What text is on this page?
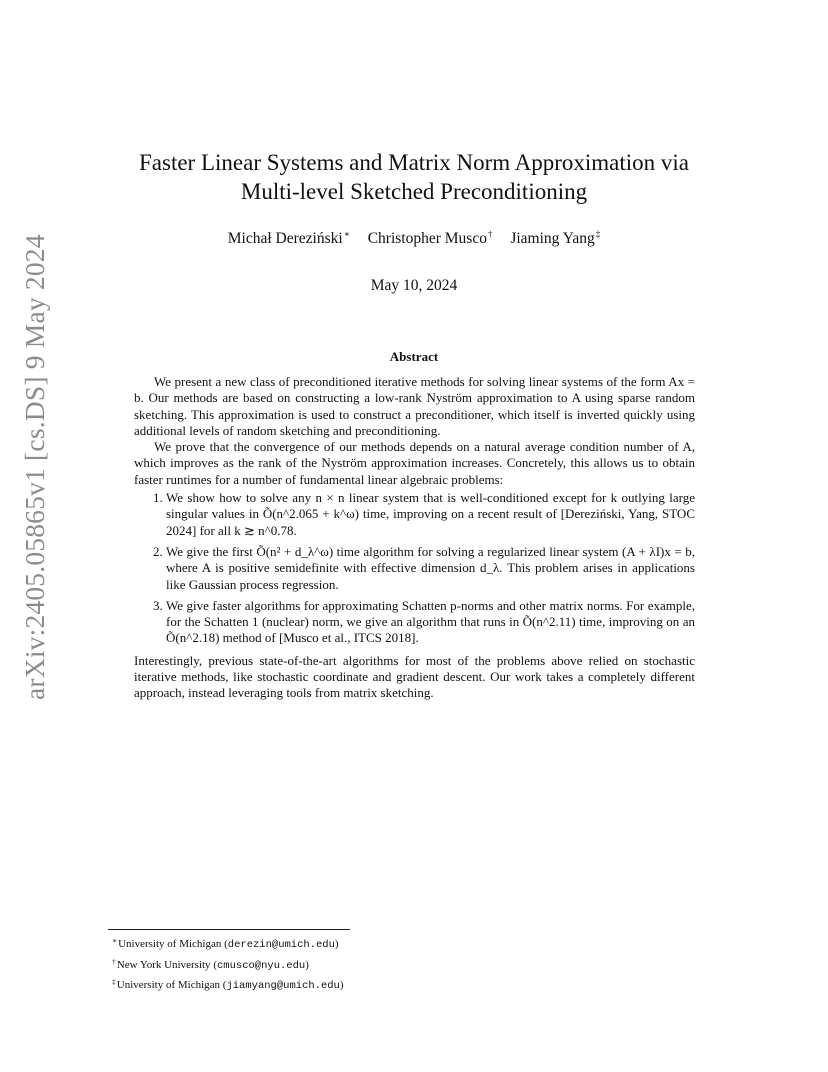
arXiv:2405.05865v1 [cs.DS] 9 May 2024
Faster Linear Systems and Matrix Norm Approximation via
Multi-level Sketched Preconditioning
Michał Dereziński∗ Christopher Musco† Jiaming Yang‡
May 10, 2024
Abstract

We present a new class of preconditioned iterative methods for solving linear systems of the form Ax = b. Our methods are based on constructing a low-rank Nyström approximation to A using sparse random sketching. This approximation is used to construct a preconditioner, which itself is inverted quickly using additional levels of random sketching and preconditioning.

We prove that the convergence of our methods depends on a natural average condition number of A, which improves as the rank of the Nyström approximation increases. Concretely, this allows us to obtain faster runtimes for a number of fundamental linear algebraic problems:

1. We show how to solve any n × n linear system that is well-conditioned except for k outlying large singular values in Õ(n^2.065 + k^ω) time, improving on a recent result of [Dereziński, Yang, STOC 2024] for all k ≳ n^0.78.
2. We give the first Õ(n² + d_λ^ω) time algorithm for solving a regularized linear system (A + λI)x = b, where A is positive semidefinite with effective dimension d_λ. This problem arises in applications like Gaussian process regression.
3. We give faster algorithms for approximating Schatten p-norms and other matrix norms. For example, for the Schatten 1 (nuclear) norm, we give an algorithm that runs in Õ(n^2.11) time, improving on an Õ(n^2.18) method of [Musco et al., ITCS 2018].

Interestingly, previous state-of-the-art algorithms for most of the problems above relied on stochastic iterative methods, like stochastic coordinate and gradient descent. Our work takes a completely different approach, instead leveraging tools from matrix sketching.

∗University of Michigan (derezin@umich.edu)
†New York University (cmusco@nyu.edu)
‡University of Michigan (jiamyang@umich.edu)
